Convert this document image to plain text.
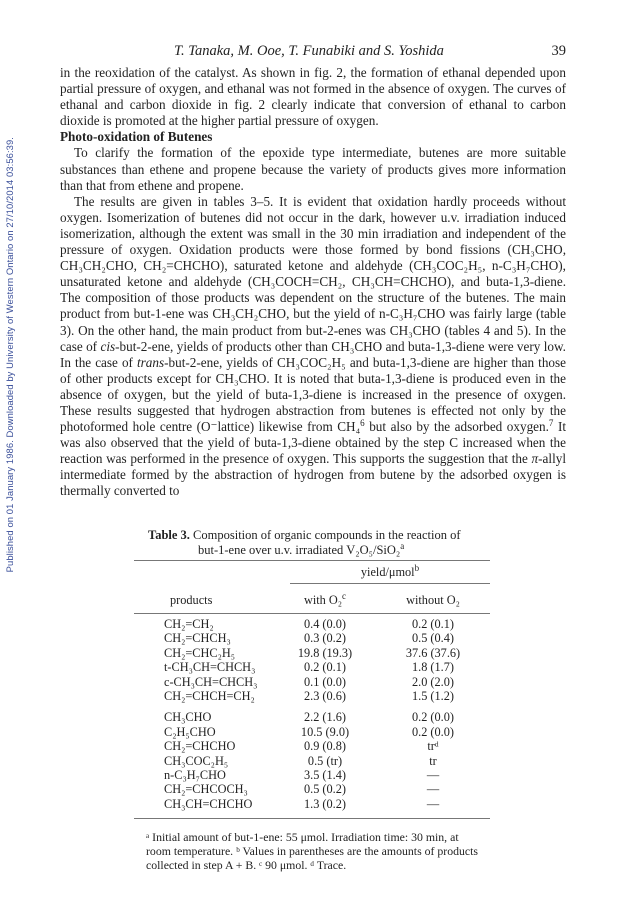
Published on 01 January 1986. Downloaded by University of Western Ontario on 27/10/2014 03:56:39.
T. Tanaka, M. Ooe, T. Funabiki and S. Yoshida	39

in the reoxidation of the catalyst. As shown in fig. 2, the formation of ethanal depended upon partial pressure of oxygen, and ethanal was not formed in the absence of oxygen. The curves of ethanal and carbon dioxide in fig. 2 clearly indicate that conversion of ethanal to carbon dioxide is promoted at the higher partial pressure of oxygen.

Photo-oxidation of Butenes

To clarify the formation of the epoxide type intermediate, butenes are more suitable substances than ethene and propene because the variety of products gives more information than that from ethene and propene.

The results are given in tables 3–5. It is evident that oxidation hardly proceeds without oxygen. Isomerization of butenes did not occur in the dark, however u.v. irradiation induced isomerization, although the extent was small in the 30 min irradiation and independent of the pressure of oxygen. Oxidation products were those formed by bond fissions (CH₃CHO, CH₃CH₂CHO, CH₂=CHCHO), saturated ketone and aldehyde (CH₃COC₂H₅, n-C₃H₇CHO), unsaturated ketone and aldehyde (CH₃COCH=CH₂, CH₃CH=CHCHO), and buta-1,3-diene. The composition of those products was dependent on the structure of the butenes. The main product from but-1-ene was CH₃CH₂CHO, but the yield of n-C₃H₇CHO was fairly large (table 3). On the other hand, the main product from but-2-enes was CH₃CHO (tables 4 and 5). In the case of cis-but-2-ene, yields of products other than CH₃CHO and buta-1,3-diene were very low. In the case of trans-but-2-ene, yields of CH₃COC₂H₅ and buta-1,3-diene are higher than those of other products except for CH₃CHO. It is noted that buta-1,3-diene is produced even in the absence of oxygen, but the yield of buta-1,3-diene is increased in the presence of oxygen. These results suggested that hydrogen abstraction from butenes is effected not only by the photoformed hole centre (O⁻lattice) likewise from CH₄$^6$ but also by the adsorbed oxygen.$^7$ It was also observed that the yield of buta-1,3-diene obtained by the step C increased when the reaction was performed in the presence of oxygen. This supports the suggestion that the π-allyl intermediate formed by the abstraction of hydrogen from butene by the adsorbed oxygen is thermally converted to

Table 3. Composition of organic compounds in the reaction of
but-1-ene over u.v. irradiated V₂O₅/SiO₂$^a$
yield/μmol$^b$
products	with O₂$^c$	without O₂
CH₂=CH₂	0.4 (0.0)	0.2 (0.1)
CH₂=CHCH₃	0.3 (0.2)	0.5 (0.4)
CH₂=CHC₂H₅	19.8 (19.3)	37.6 (37.6)
t-CH₃CH=CHCH₃	0.2 (0.1)	1.8 (1.7)
c-CH₃CH=CHCH₃	0.1 (0.0)	2.0 (2.0)
CH₂=CHCH=CH₂	2.3 (0.6)	1.5 (1.2)
CH₃CHO	2.2 (1.6)	0.2 (0.0)
C₂H₅CHO	10.5 (9.0)	0.2 (0.0)
CH₂=CHCHO	0.9 (0.8)	trᵈ
CH₃COC₂H₅	0.5 (tr)	tr
n-C₃H₇CHO	3.5 (1.4)	—
CH₂=CHCOCH₃	0.5 (0.2)	—
CH₃CH=CHCHO	1.3 (0.2)	—
ᵃ Initial amount of but-1-ene: 55 μmol. Irradiation time: 30 min, at room temperature. ᵇ Values in parentheses are the amounts of products collected in step A + B. ᶜ 90 μmol. ᵈ Trace.
